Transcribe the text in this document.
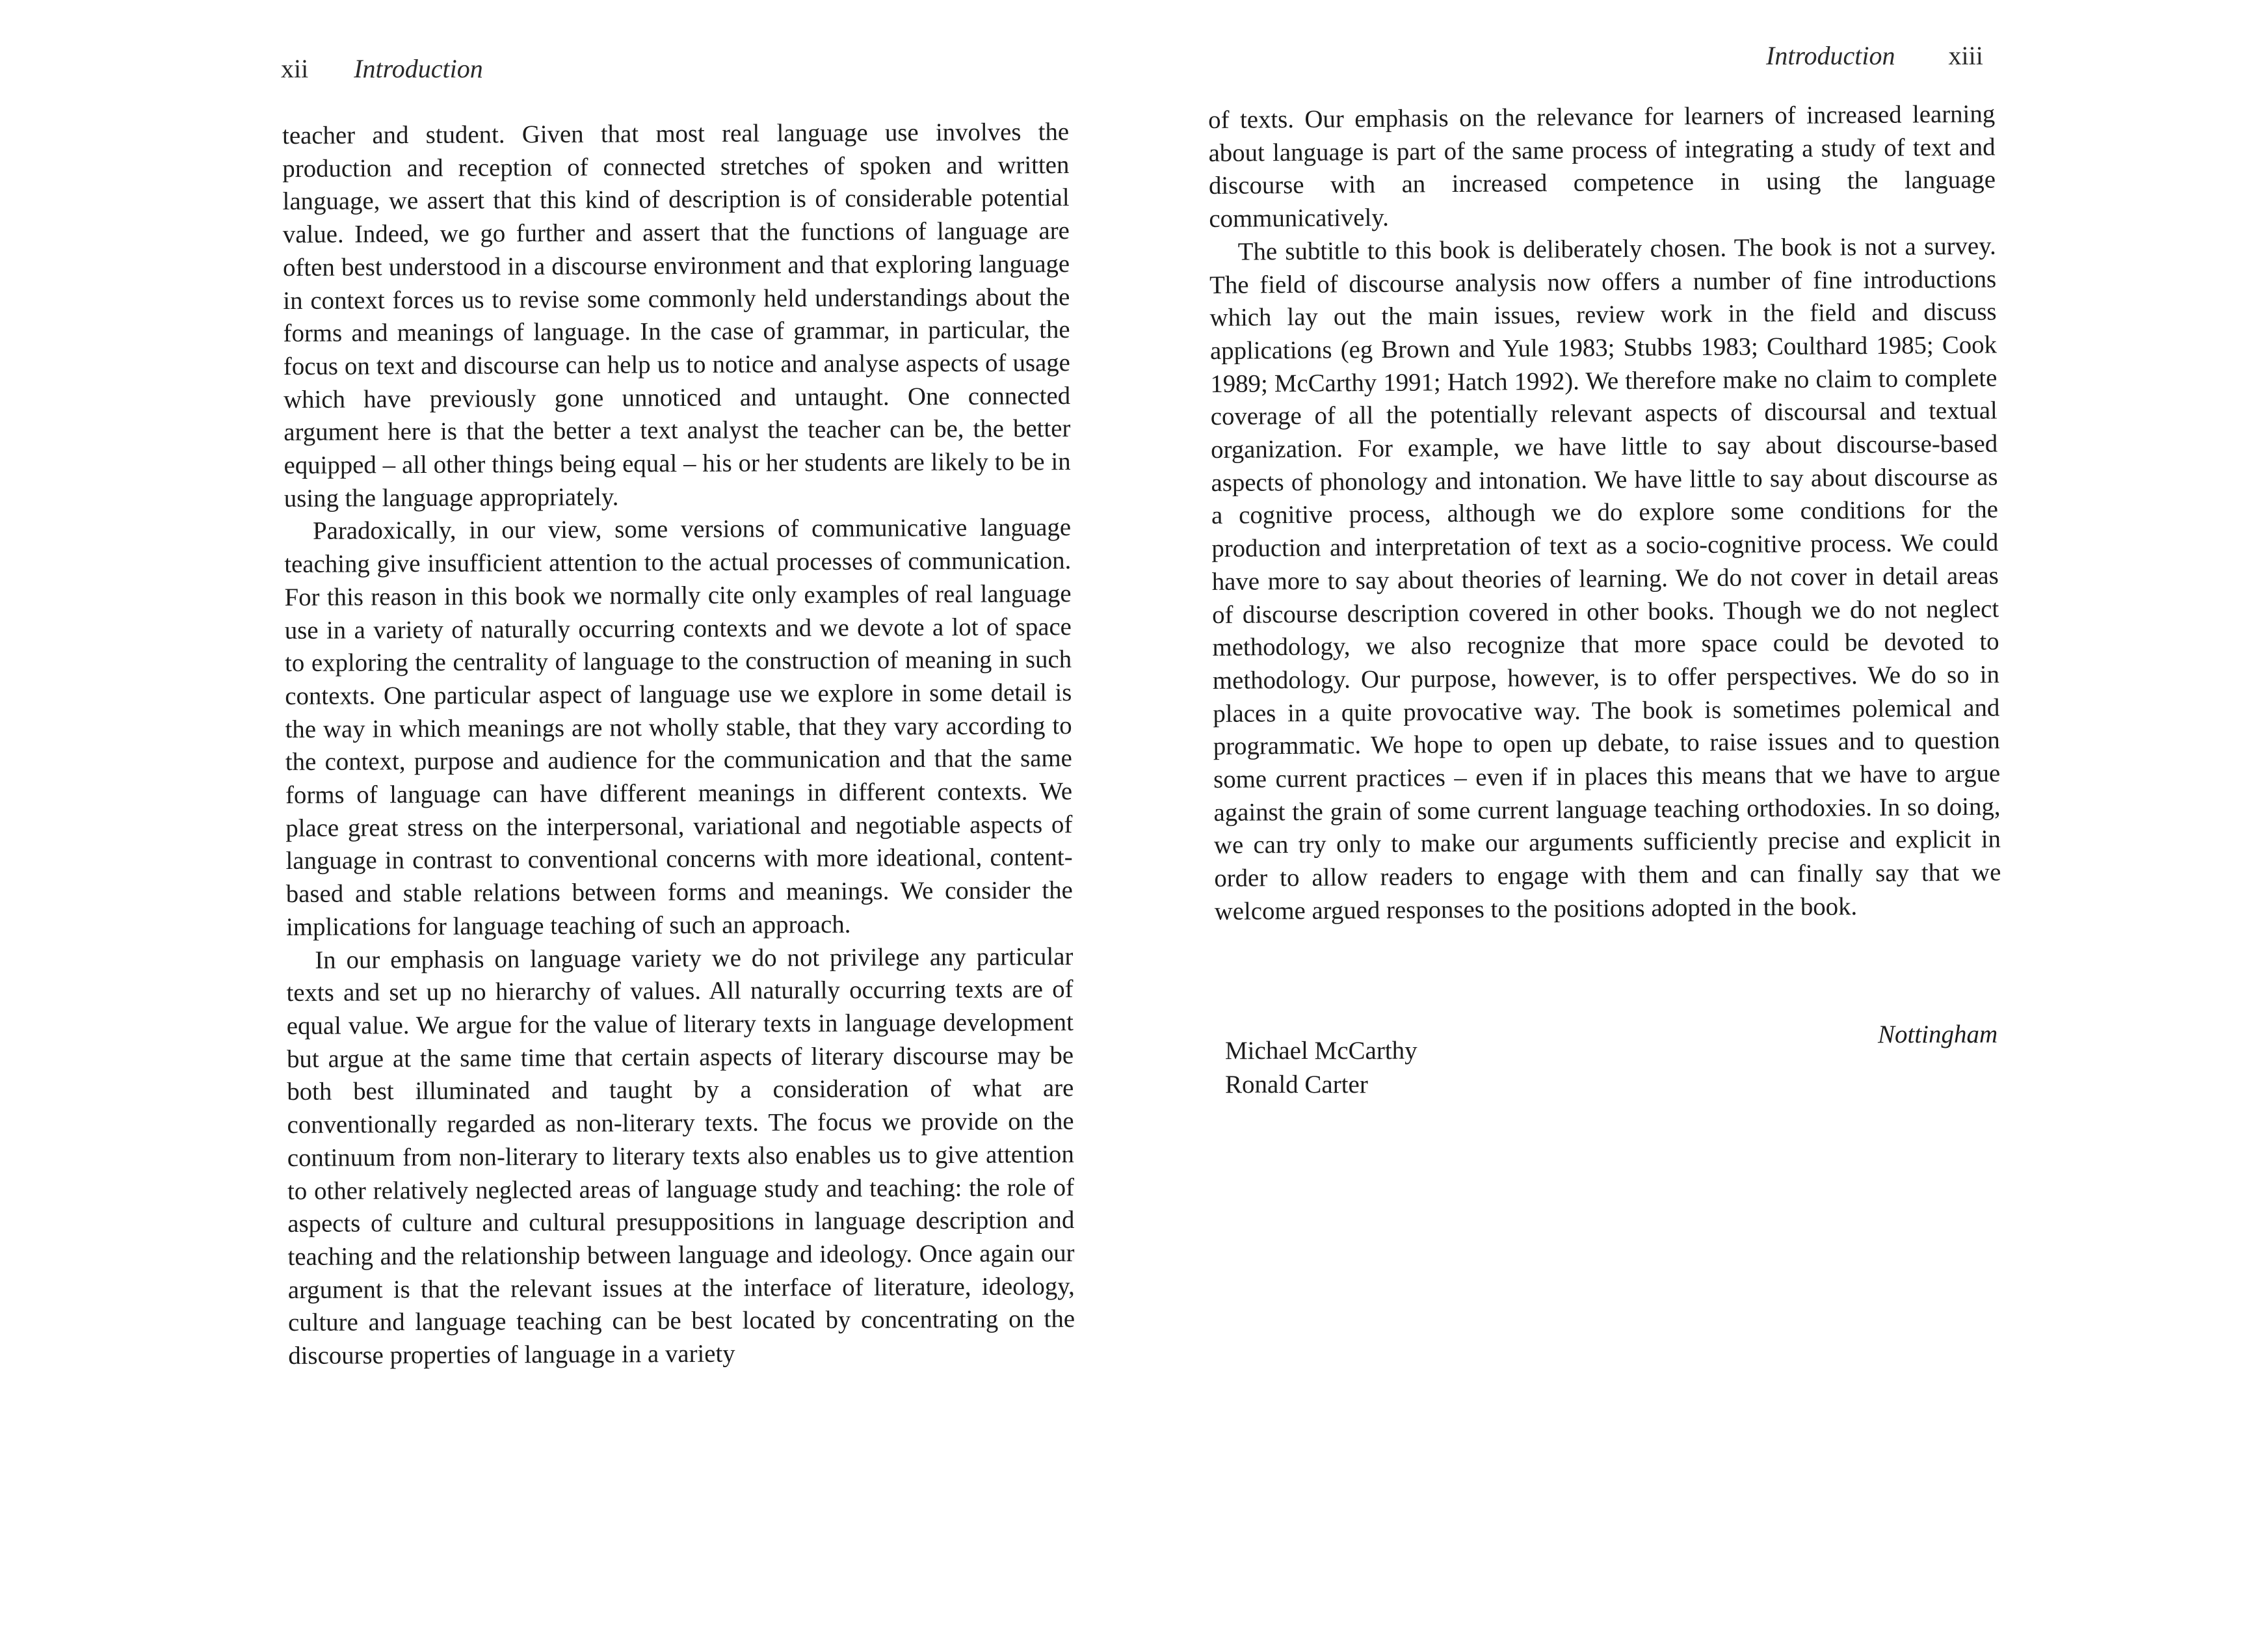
xii Introduction

teacher and student. Given that most real language use involves the production and reception of connected stretches of spoken and written language, we assert that this kind of description is of considerable potential value. Indeed, we go further and assert that the functions of language are often best understood in a discourse environment and that exploring language in context forces us to revise some commonly held understandings about the forms and meanings of language. In the case of grammar, in particular, the focus on text and discourse can help us to notice and analyse aspects of usage which have previously gone unnoticed and untaught. One connected argument here is that the better a text analyst the teacher can be, the better equipped – all other things being equal – his or her students are likely to be in using the language appropriately.

Paradoxically, in our view, some versions of communicative language teaching give insufficient attention to the actual processes of communication. For this reason in this book we normally cite only examples of real language use in a variety of naturally occurring contexts and we devote a lot of space to exploring the centrality of language to the construction of meaning in such contexts. One particular aspect of language use we explore in some detail is the way in which meanings are not wholly stable, that they vary according to the context, purpose and audience for the communication and that the same forms of language can have different meanings in different contexts. We place great stress on the interpersonal, variational and negotiable aspects of language in contrast to conventional concerns with more ideational, content-based and stable relations between forms and meanings. We consider the implications for language teaching of such an approach.

In our emphasis on language variety we do not privilege any particular texts and set up no hierarchy of values. All naturally occurring texts are of equal value. We argue for the value of literary texts in language development but argue at the same time that certain aspects of literary discourse may be both best illuminated and taught by a consideration of what are conventionally regarded as non-literary texts. The focus we provide on the continuum from non-literary to literary texts also enables us to give attention to other relatively neglected areas of language study and teaching: the role of aspects of culture and cultural presuppositions in language description and teaching and the relationship between language and ideology. Once again our argument is that the relevant issues at the interface of literature, ideology, culture and language teaching can be best located by concentrating on the discourse properties of language in a variety

Introduction xiii

of texts. Our emphasis on the relevance for learners of increased learning about language is part of the same process of integrating a study of text and discourse with an increased competence in using the language communicatively.

The subtitle to this book is deliberately chosen. The book is not a survey. The field of discourse analysis now offers a number of fine introductions which lay out the main issues, review work in the field and discuss applications (eg Brown and Yule 1983; Stubbs 1983; Coulthard 1985; Cook 1989; McCarthy 1991; Hatch 1992). We therefore make no claim to complete coverage of all the potentially relevant aspects of discoursal and textual organization. For example, we have little to say about discourse-based aspects of phonology and intonation. We have little to say about discourse as a cognitive process, although we do explore some conditions for the production and interpretation of text as a socio-cognitive process. We could have more to say about theories of learning. We do not cover in detail areas of discourse description covered in other books. Though we do not neglect methodology, we also recognize that more space could be devoted to methodology. Our purpose, however, is to offer perspectives. We do so in places in a quite provocative way. The book is sometimes polemical and programmatic. We hope to open up debate, to raise issues and to question some current practices – even if in places this means that we have to argue against the grain of some current language teaching orthodoxies. In so doing, we can try only to make our arguments sufficiently precise and explicit in order to allow readers to engage with them and can finally say that we welcome argued responses to the positions adopted in the book.

Michael McCarthy
Ronald Carter
Nottingham
